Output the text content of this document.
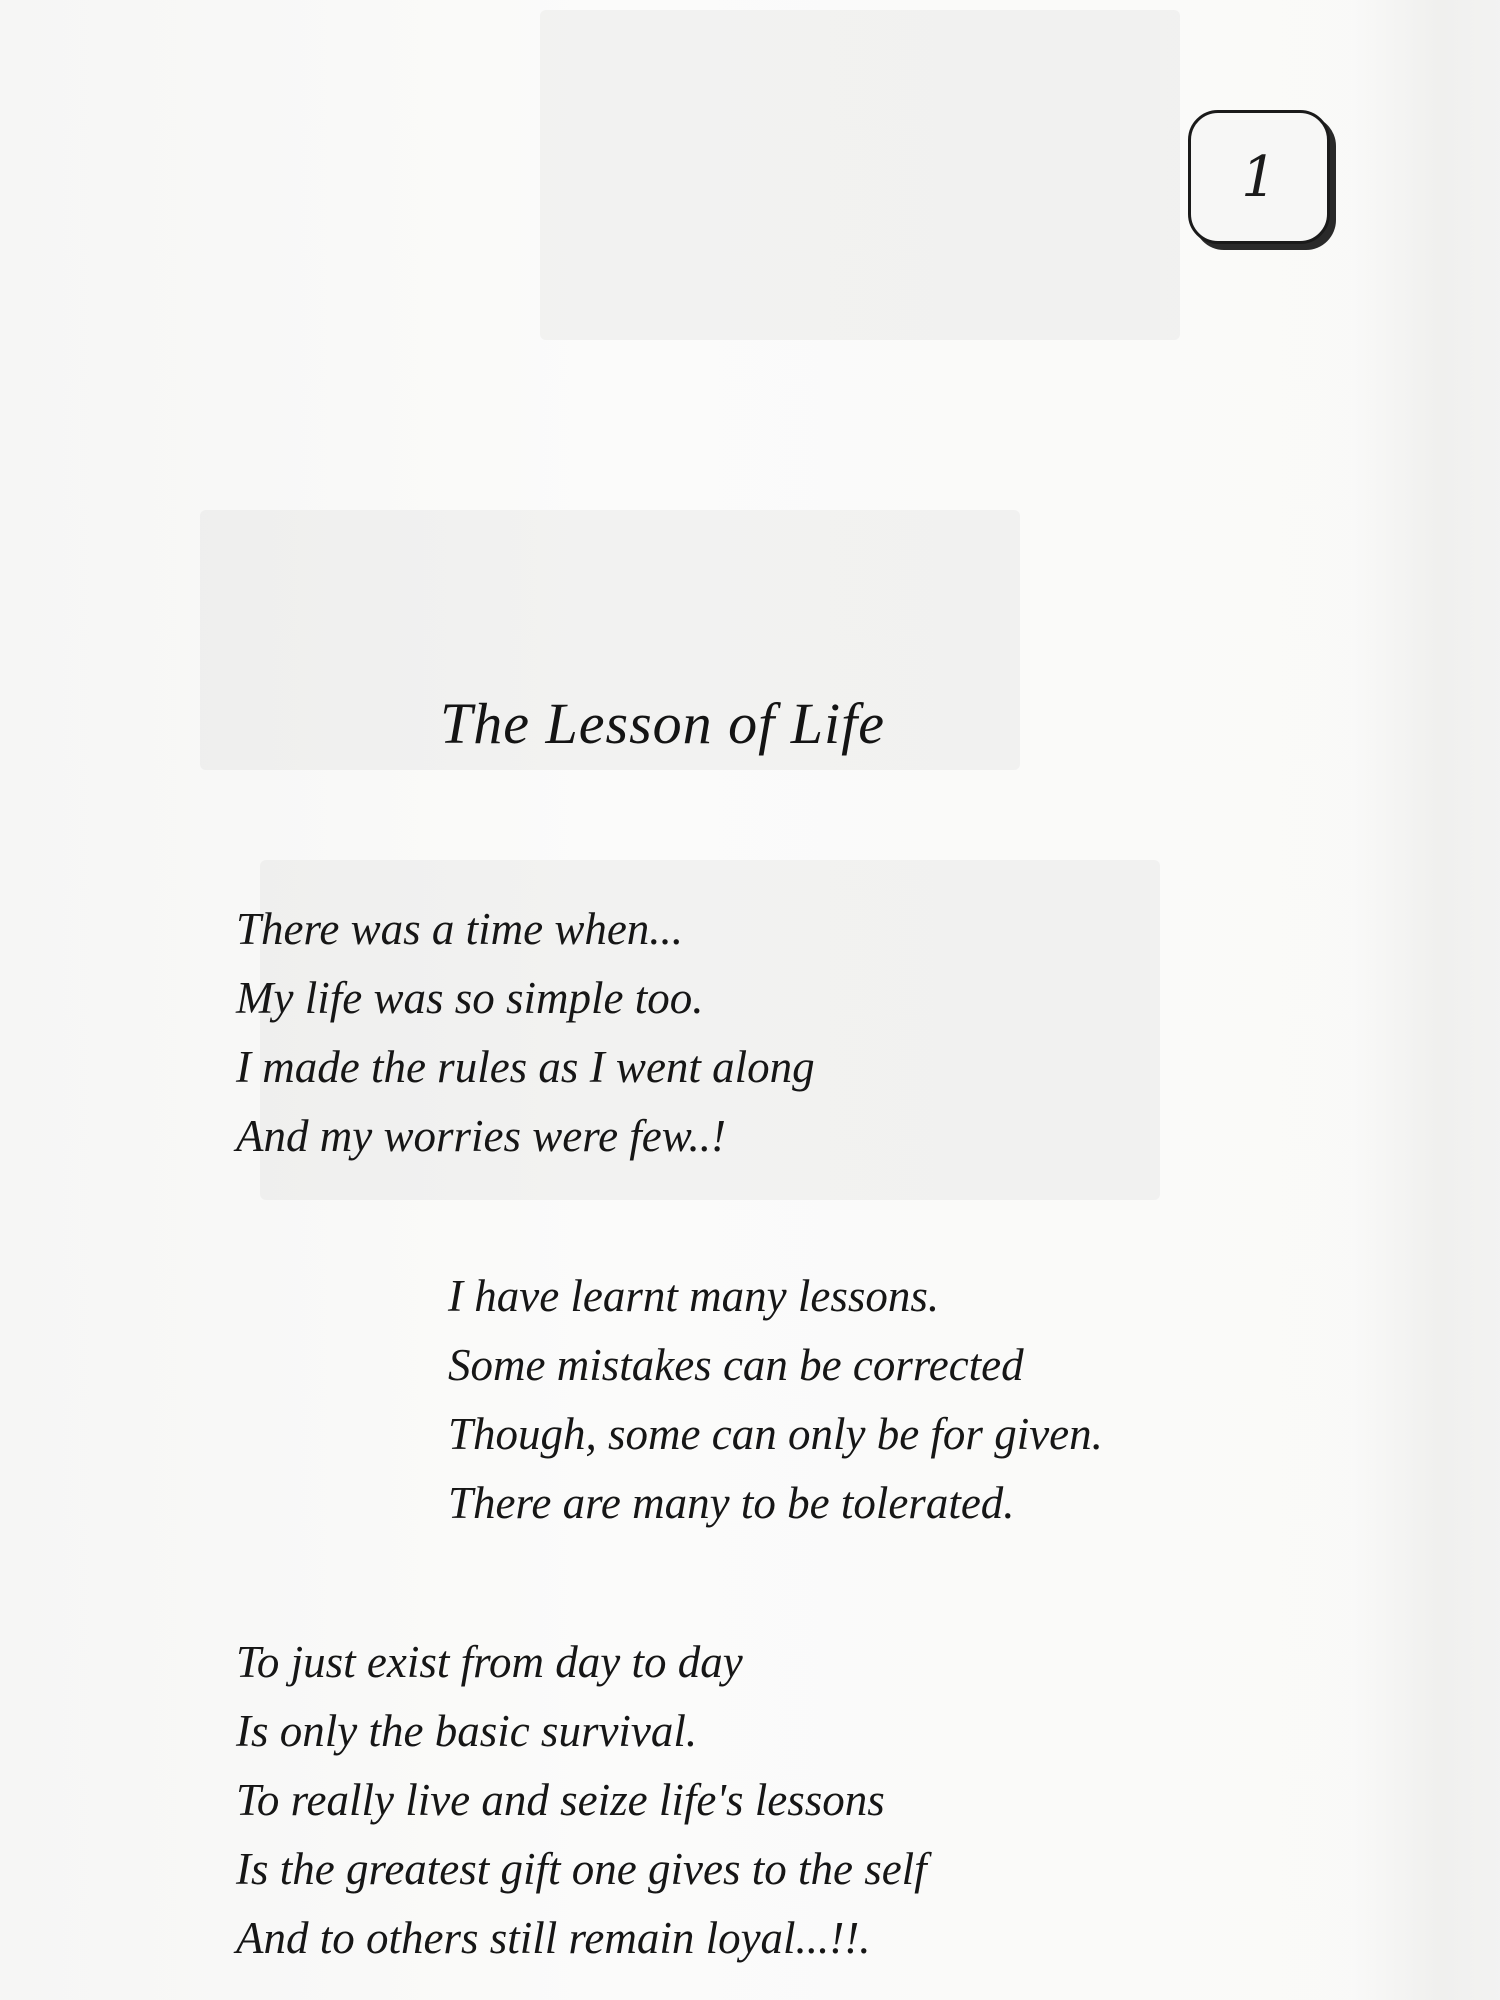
1
The Lesson of Life
There was a time when...
My life was so simple too.
I made the rules as I went along
And my worries were few..!
I have learnt many lessons.
Some mistakes can be corrected
Though, some can only be for given.
There are many to be tolerated.
To just exist from day to day
Is only the basic survival.
To really live and seize life's lessons
Is the greatest gift one gives to the self
And to others still remain loyal...!!.
